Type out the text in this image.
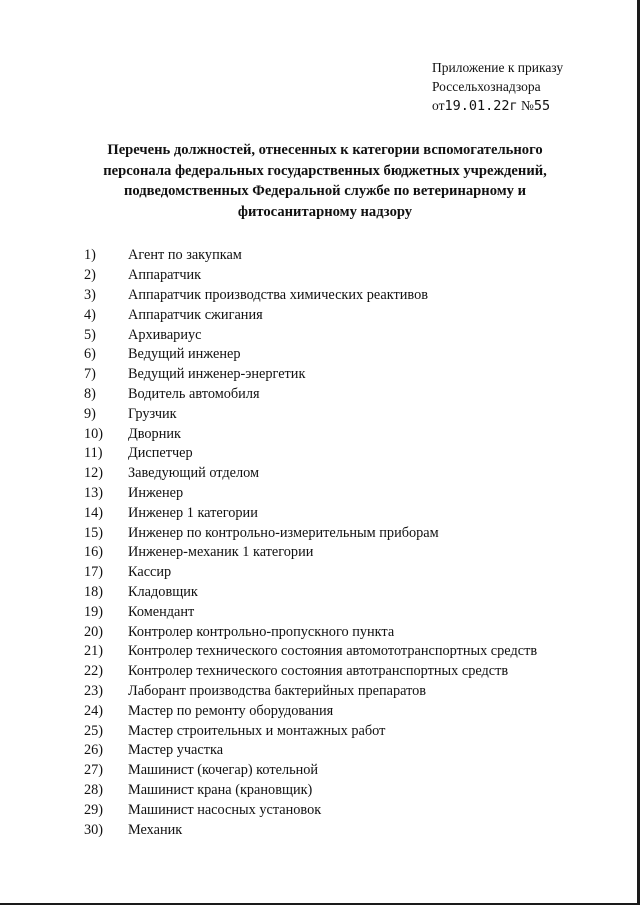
Приложение к приказу
Россельхознадзора
от19.01.22г №55
Перечень должностей, отнесенных к категории вспомогательного
персонала федеральных государственных бюджетных учреждений,
подведомственных Федеральной службе по ветеринарному и
фитосанитарному надзору
1)	Агент по закупкам
2)	Аппаратчик
3)	Аппаратчик производства химических реактивов
4)	Аппаратчик сжигания
5)	Архивариус
6)	Ведущий инженер
7)	Ведущий инженер-энергетик
8)	Водитель автомобиля
9)	Грузчик
10)	Дворник
11)	Диспетчер
12)	Заведующий отделом
13)	Инженер
14)	Инженер 1 категории
15)	Инженер по контрольно-измерительным приборам
16)	Инженер-механик 1 категории
17)	Кассир
18)	Кладовщик
19)	Комендант
20)	Контролер контрольно-пропускного пункта
21)	Контролер технического состояния автомототранспортных средств
22)	Контролер технического состояния автотранспортных средств
23)	Лаборант производства бактерийных препаратов
24)	Мастер по ремонту оборудования
25)	Мастер строительных и монтажных работ
26)	Мастер участка
27)	Машинист (кочегар) котельной
28)	Машинист крана (крановщик)
29)	Машинист насосных установок
30)	Механик
